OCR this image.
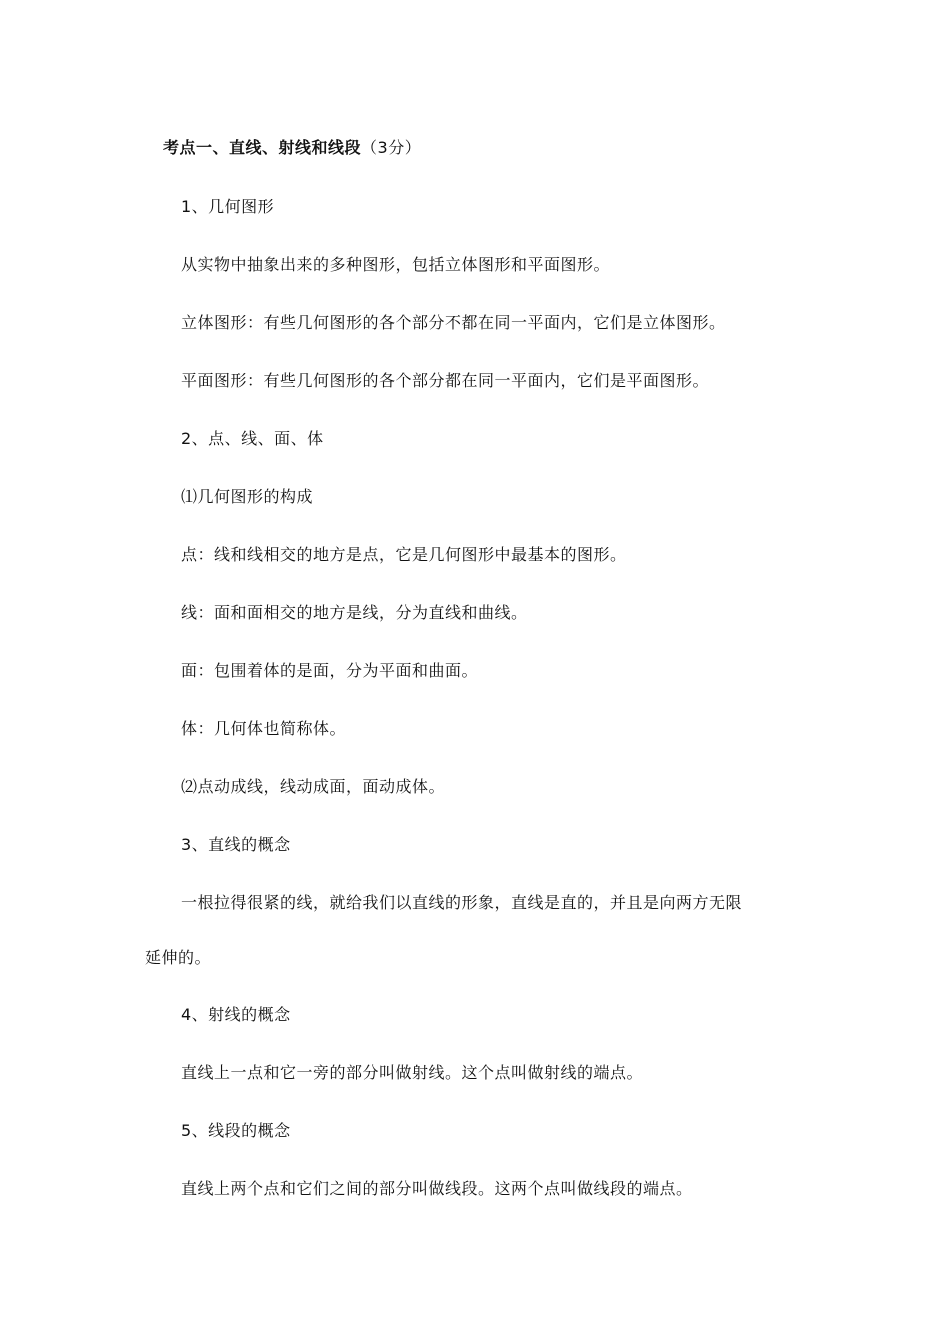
考点一、直线、射线和线段（3分）
1、几何图形
从实物中抽象出来的多种图形，包括立体图形和平面图形。
立体图形：有些几何图形的各个部分不都在同一平面内，它们是立体图形。
平面图形：有些几何图形的各个部分都在同一平面内，它们是平面图形。
2、点、线、面、体
⑴几何图形的构成
点：线和线相交的地方是点，它是几何图形中最基本的图形。
线：面和面相交的地方是线，分为直线和曲线。
面：包围着体的是面，分为平面和曲面。
体：几何体也简称体。
⑵点动成线，线动成面，面动成体。
3、直线的概念
一根拉得很紧的线，就给我们以直线的形象，直线是直的，并且是向两方无限
延伸的。
4、射线的概念
直线上一点和它一旁的部分叫做射线。这个点叫做射线的端点。
5、线段的概念
直线上两个点和它们之间的部分叫做线段。这两个点叫做线段的端点。
